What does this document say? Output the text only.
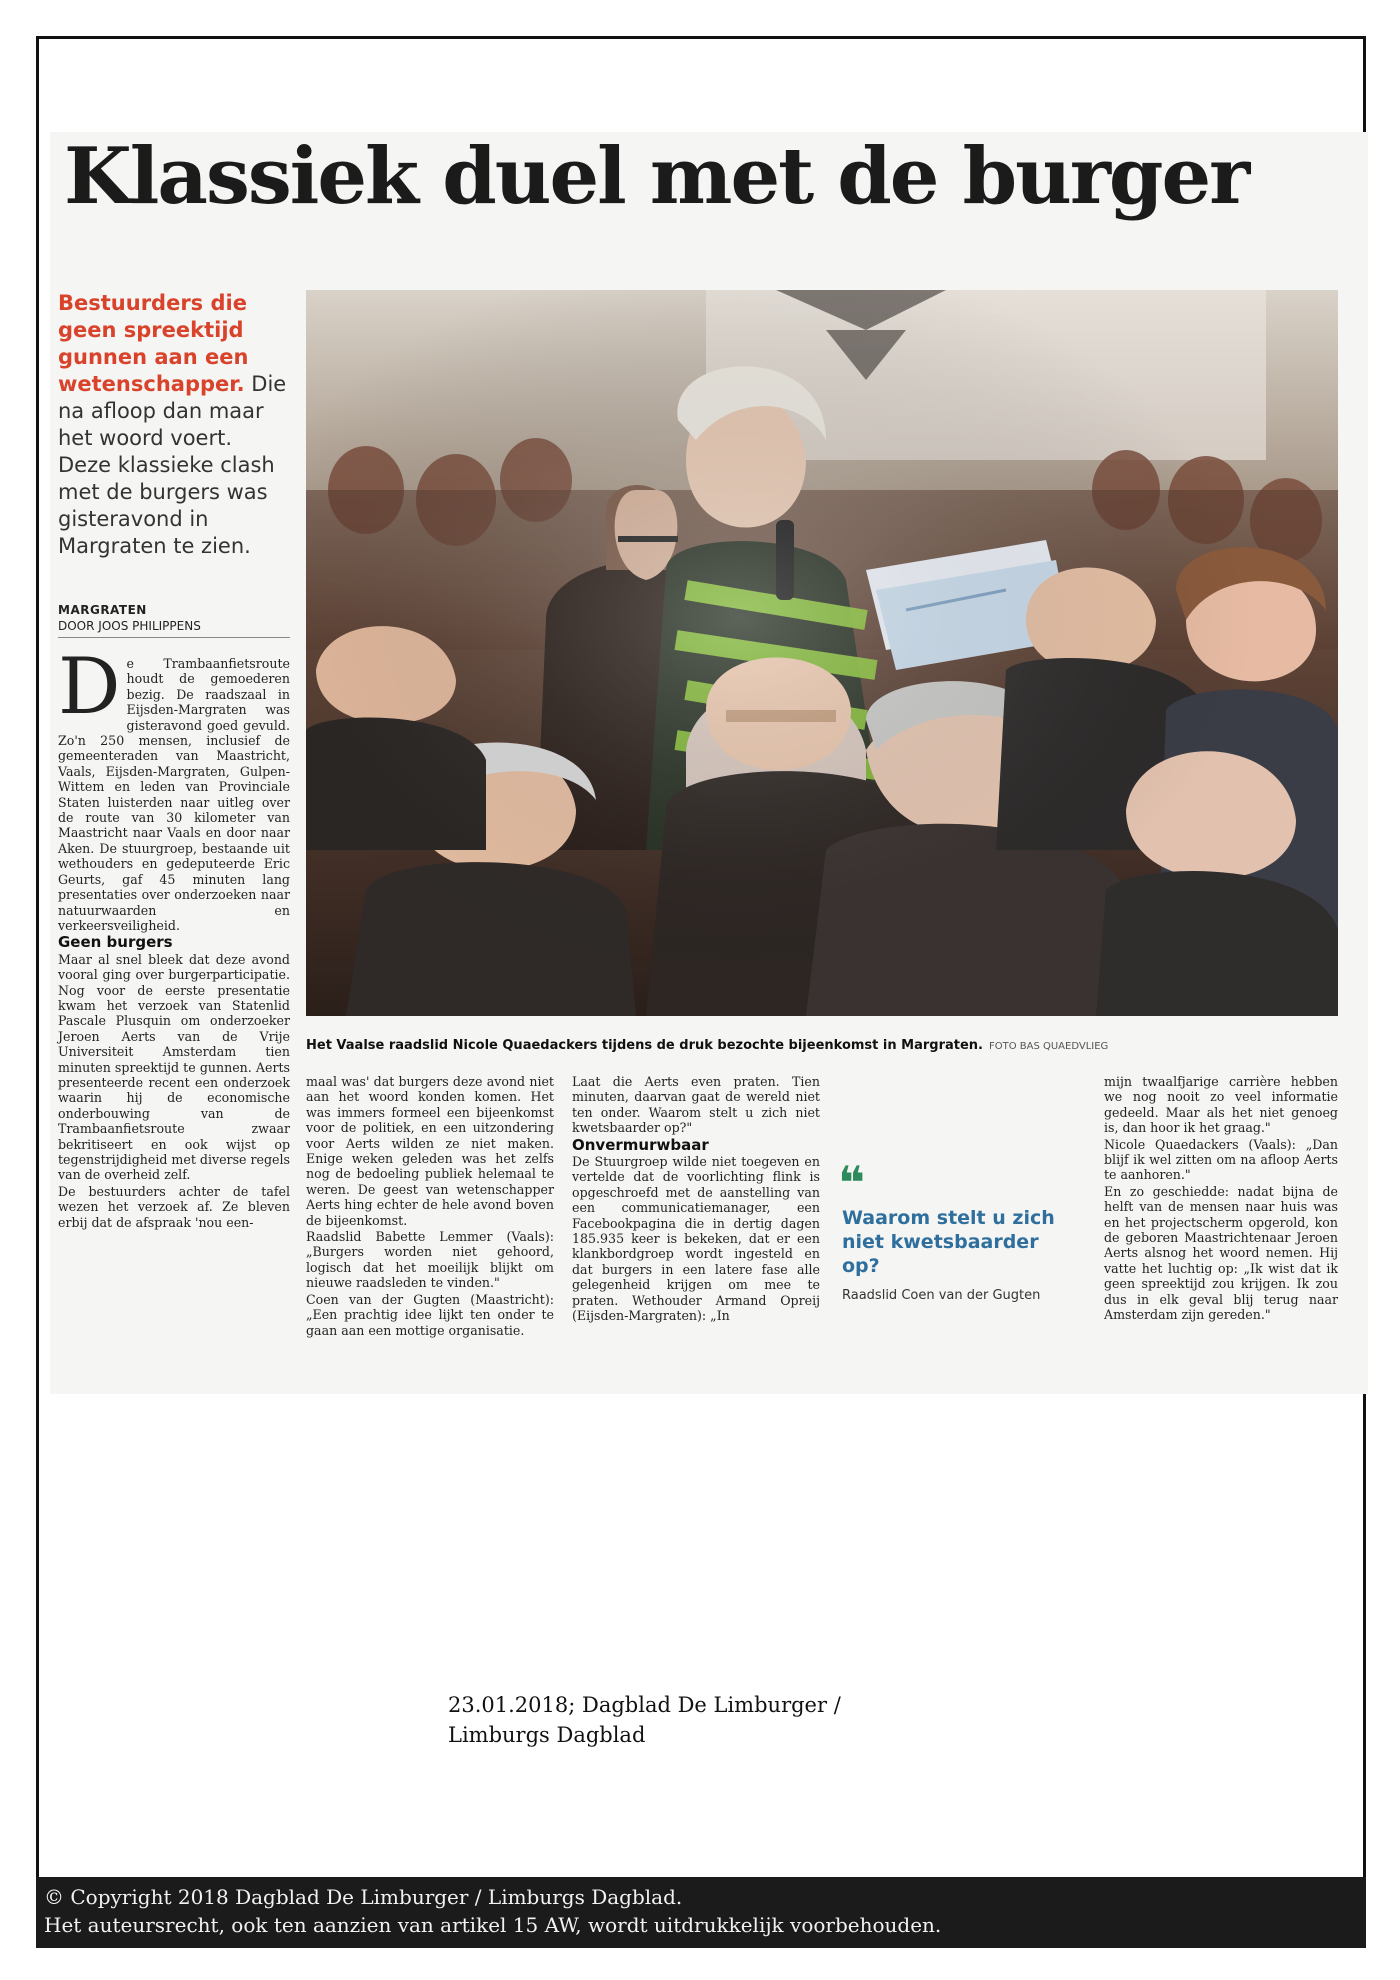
Klassiek duel met de burger
Bestuurders die geen spreektijd gunnen aan een wetenschapper. Die na afloop dan maar het woord voert. Deze klassieke clash met de burgers was gisteravond in Margraten te zien.
MARGRATEN
DOOR JOOS PHILIPPENS

De Trambaanfietsroute houdt de gemoederen bezig. De raadszaal in Eijsden-Margraten was gisteravond goed gevuld. Zo'n 250 mensen, inclusief de gemeenteraden van Maastricht, Vaals, Eijsden-Margraten, Gulpen-Wittem en leden van Provinciale Staten luisterden naar uitleg over de route van 30 kilometer van Maastricht naar Vaals en door naar Aken. De stuurgroep, bestaande uit wethouders en gedeputeerde Eric Geurts, gaf 45 minuten lang presentaties over onderzoeken naar natuurwaarden en verkeersveiligheid.

Geen burgers

Maar al snel bleek dat deze avond vooral ging over burgerparticipatie. Nog voor de eerste presentatie kwam het verzoek van Statenlid Pascale Plusquin om onderzoeker Jeroen Aerts van de Vrije Universiteit Amsterdam tien minuten spreektijd te gunnen. Aerts presenteerde recent een onderzoek waarin hij de economische onderbouwing van de Trambaanfietsroute zwaar bekritiseert en ook wijst op tegenstrijdigheid met diverse regels van de overheid zelf.

De bestuurders achter de tafel wezen het verzoek af. Ze bleven erbij dat de afspraak 'nou een-

Het Vaalse raadslid Nicole Quaedackers tijdens de druk bezochte bijeenkomst in Margraten. FOTO BAS QUAEDVLIEG

maal was' dat burgers deze avond niet aan het woord konden komen. Het was immers formeel een bijeenkomst voor de politiek, en een uitzondering voor Aerts wilden ze niet maken. Enige weken geleden was het zelfs nog de bedoeling publiek helemaal te weren. De geest van wetenschapper Aerts hing echter de hele avond boven de bijeenkomst.

Raadslid Babette Lemmer (Vaals): „Burgers worden niet gehoord, logisch dat het moeilijk blijkt om nieuwe raadsleden te vinden."

Coen van der Gugten (Maastricht): „Een prachtig idee lijkt ten onder te gaan aan een mottige organisatie.

Laat die Aerts even praten. Tien minuten, daarvan gaat de wereld niet ten onder. Waarom stelt u zich niet kwetsbaarder op?"

Onvermurwbaar

De Stuurgroep wilde niet toegeven en vertelde dat de voorlichting flink is opgeschroefd met de aanstelling van een communicatiemanager, een Facebookpagina die in dertig dagen 185.935 keer is bekeken, dat er een klankbordgroep wordt ingesteld en dat burgers in een latere fase alle gelegenheid krijgen om mee te praten. Wethouder Armand Opreij (Eijsden-Margraten): „In

❝
Waarom stelt u zich niet kwetsbaarder op?
Raadslid Coen van der Gugten

mijn twaalfjarige carrière hebben we nog nooit zo veel informatie gedeeld. Maar als het niet genoeg is, dan hoor ik het graag."

Nicole Quaedackers (Vaals): „Dan blijf ik wel zitten om na afloop Aerts te aanhoren."

En zo geschiedde: nadat bijna de helft van de mensen naar huis was en het projectscherm opgerold, kon de geboren Maastrichtenaar Jeroen Aerts alsnog het woord nemen. Hij vatte het luchtig op: „Ik wist dat ik geen spreektijd zou krijgen. Ik zou dus in elk geval blij terug naar Amsterdam zijn gereden."

23.01.2018; Dagblad De Limburger / Limburgs Dagblad
© Copyright 2018 Dagblad De Limburger / Limburgs Dagblad.
Het auteursrecht, ook ten aanzien van artikel 15 AW, wordt uitdrukkelijk voorbehouden.
